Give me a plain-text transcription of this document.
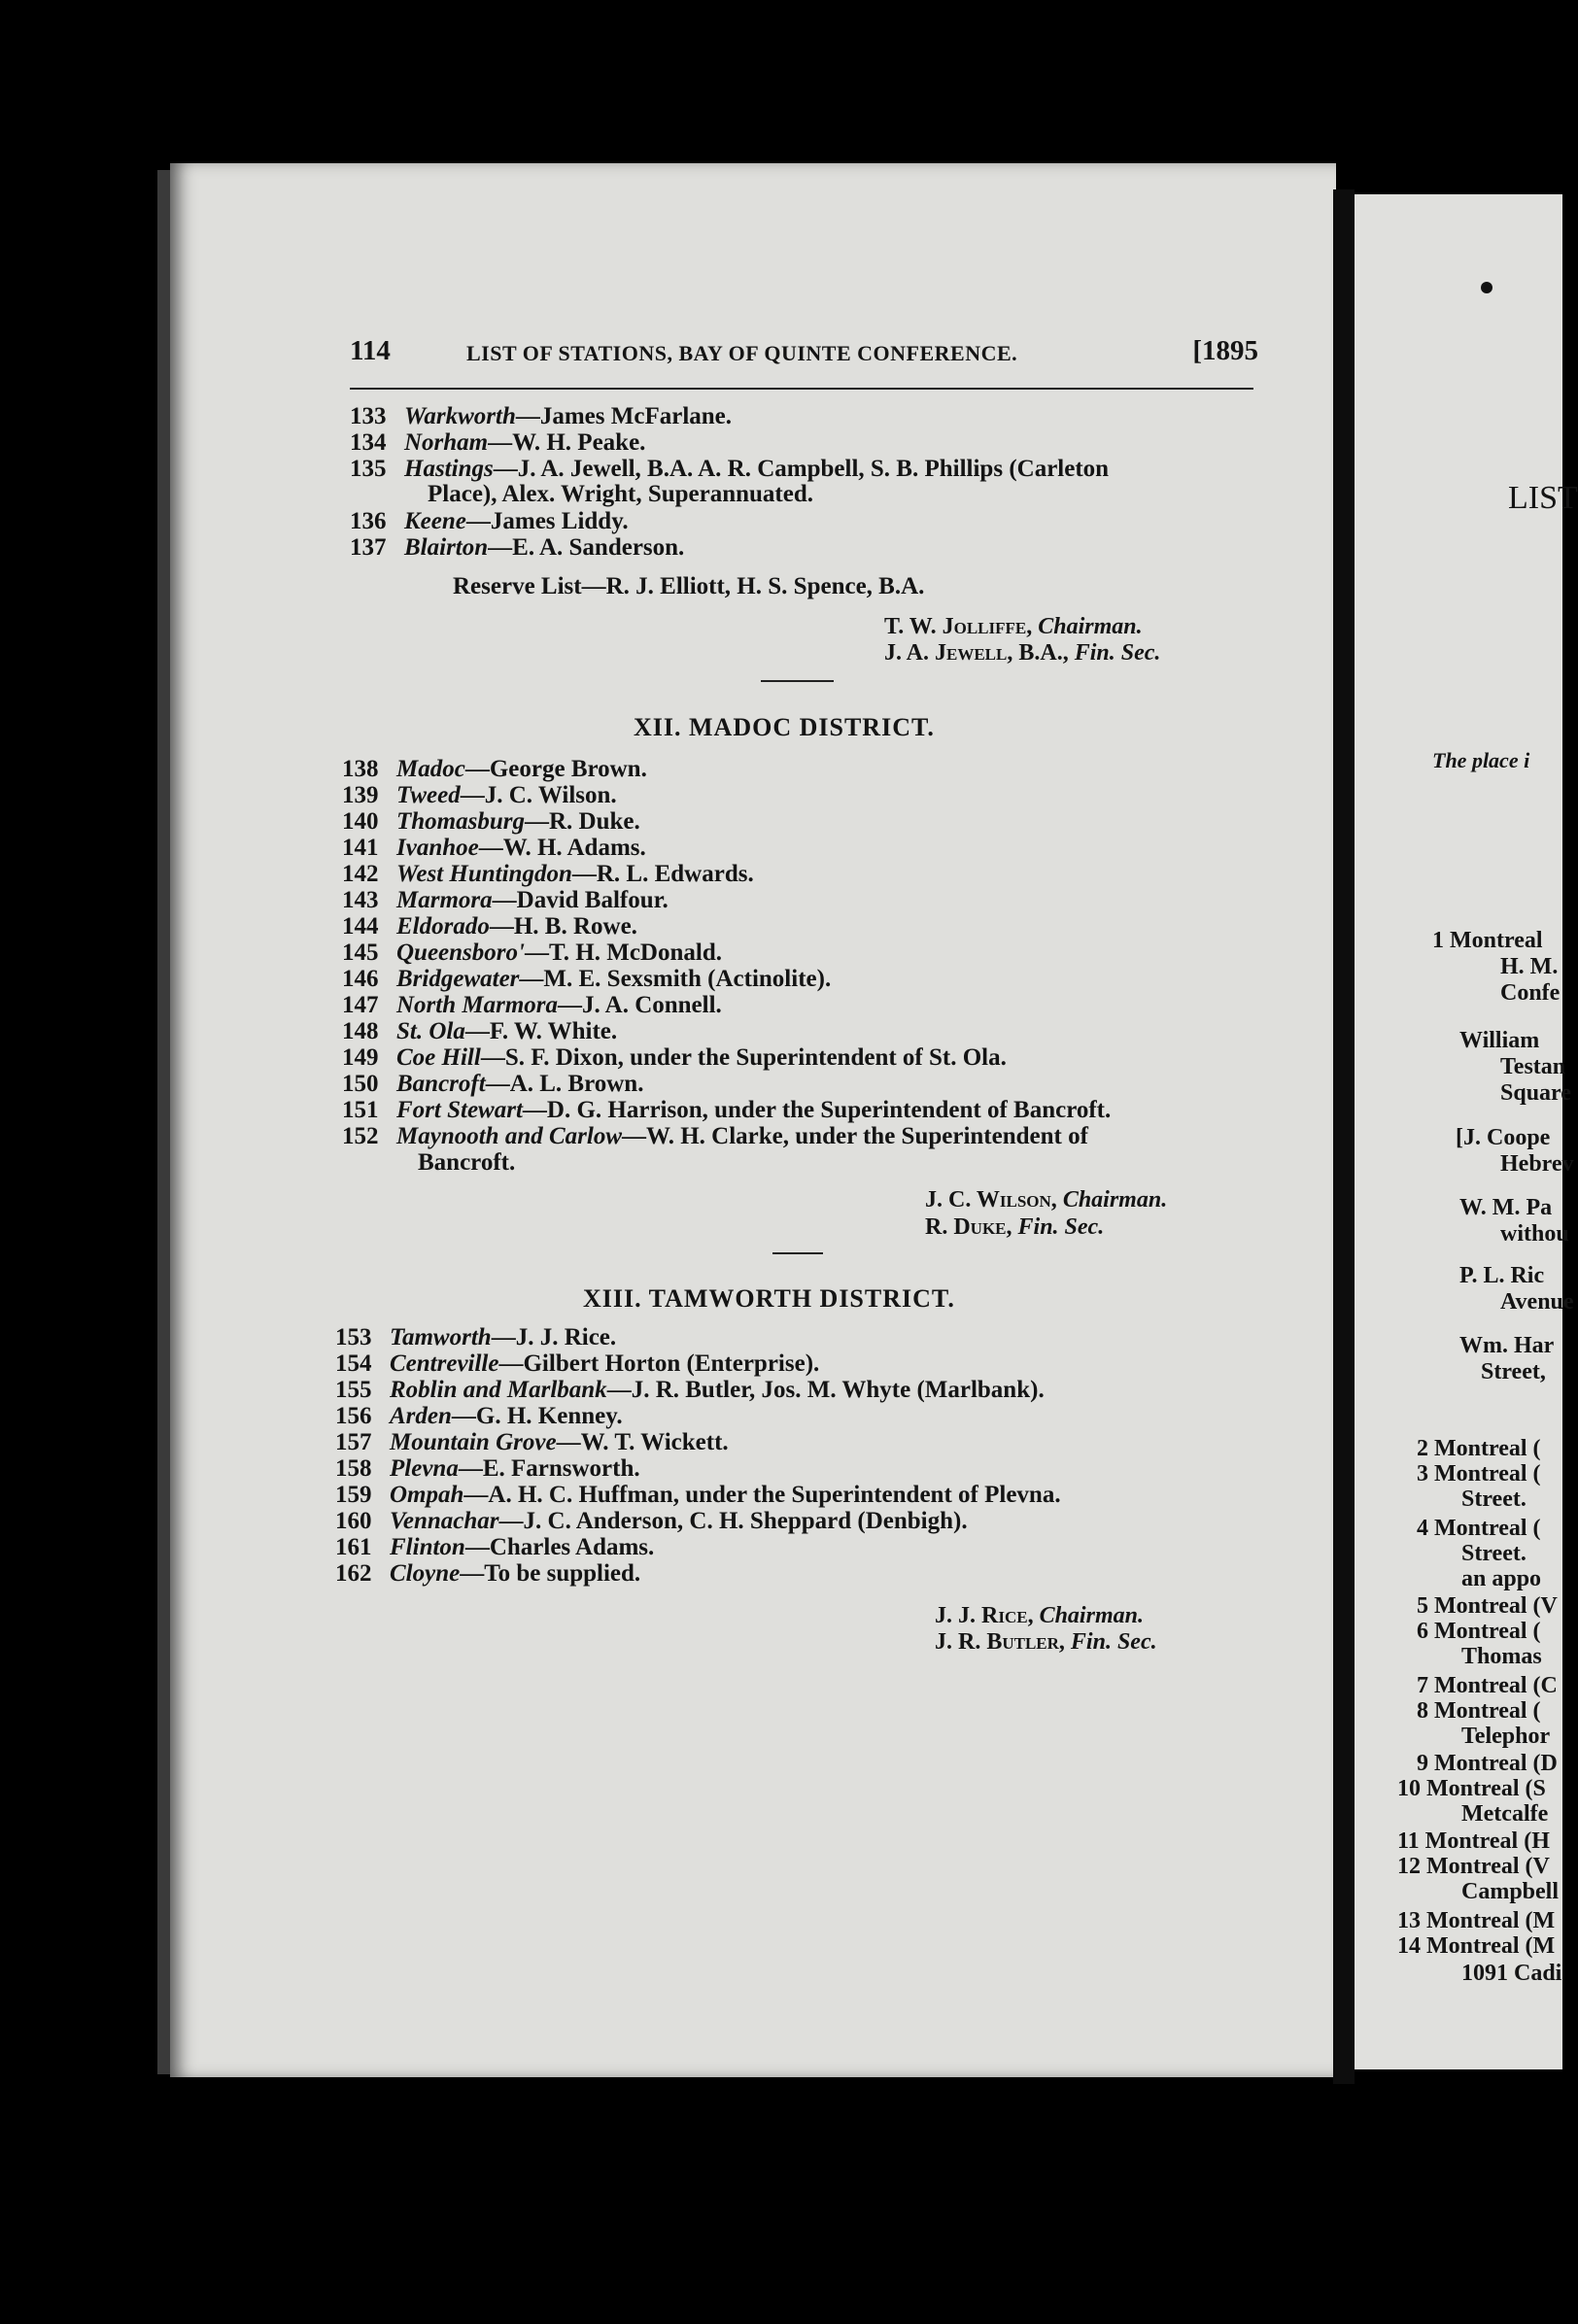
114	LIST OF STATIONS, BAY OF QUINTE CONFERENCE.	[1895
133 Warkworth—James McFarlane.
134 Norham—W. H. Peake.
135 Hastings—J. A. Jewell, B.A. A. R. Campbell, S. B. Phillips (Carleton
Place), Alex. Wright, Superannuated.
136 Keene—James Liddy.
137 Blairton—E. A. Sanderson.
Reserve List—R. J. Elliott, H. S. Spence, B.A.
T. W. Jolliffe, Chairman.
J. A. Jewell, B.A., Fin. Sec.
XII. MADOC DISTRICT.
138 Madoc—George Brown.
139 Tweed—J. C. Wilson.
140 Thomasburg—R. Duke.
141 Ivanhoe—W. H. Adams.
142 West Huntingdon—R. L. Edwards.
143 Marmora—David Balfour.
144 Eldorado—H. B. Rowe.
145 Queensboro'—T. H. McDonald.
146 Bridgewater—M. E. Sexsmith (Actinolite).
147 North Marmora—J. A. Connell.
148 St. Ola—F. W. White.
149 Coe Hill—S. F. Dixon, under the Superintendent of St. Ola.
150 Bancroft—A. L. Brown.
151 Fort Stewart—D. G. Harrison, under the Superintendent of Bancroft.
152 Maynooth and Carlow—W. H. Clarke, under the Superintendent of
Bancroft.
J. C. Wilson, Chairman.
R. Duke, Fin. Sec.
XIII. TAMWORTH DISTRICT.
153 Tamworth—J. J. Rice.
154 Centreville—Gilbert Horton (Enterprise).
155 Roblin and Marlbank—J. R. Butler, Jos. M. Whyte (Marlbank).
156 Arden—G. H. Kenney.
157 Mountain Grove—W. T. Wickett.
158 Plevna—E. Farnsworth.
159 Ompah—A. H. C. Huffman, under the Superintendent of Plevna.
160 Vennachar—J. C. Anderson, C. H. Sheppard (Denbigh).
161 Flinton—Charles Adams.
162 Cloyne—To be supplied.
J. J. Rice, Chairman.
J. R. Butler, Fin. Sec.
LIST
The place i
1 Montreal
H. M.
Confe
William
Testan
Square
[J. Coope
Hebrev
W. M. Pa
withou
P. L. Ric
Avenue
Wm. Har
Street,
2 Montreal (
3 Montreal (
Street.
4 Montreal (
Street.
an appo
5 Montreal (V
6 Montreal (
Thomas
7 Montreal (C
8 Montreal (
Telephor
9 Montreal (D
10 Montreal (S
Metcalfe
11 Montreal (H
12 Montreal (V
Campbell
13 Montreal (M
14 Montreal (M
1091 Cadi
